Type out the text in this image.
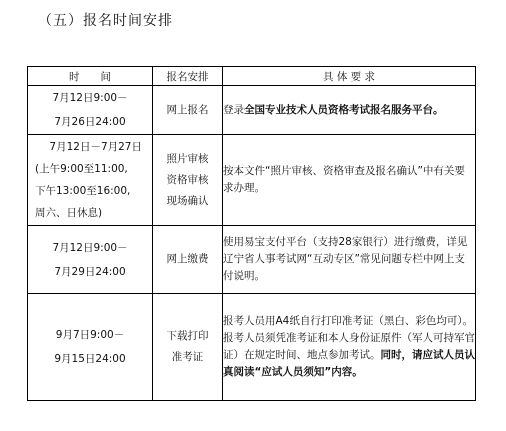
（五）报名时间安排
时　　间	报名安排	具 体 要 求

7月12日9:00－
7月26日24:00	网上报名	登录全国专业技术人员资格考试报名服务平台。

7月12日－7月27日
(上午9:00至11:00,
下午13:00至16:00,
周六、日休息)	照片审核
资格审核
现场确认	按本文件“照片审核、资格审查及报名确认”中有关要求办理。

7月12日9:00－
7月29日24:00	网上缴费	使用易宝支付平台（支持28家银行）进行缴费，详见辽宁省人事考试网“互动专区”常见问题专栏中网上支付说明。

9月7日9:00－
9月15日24:00	下载打印
准考证	报考人员用A4纸自行打印准考证（黑白、彩色均可）。报考人员须凭准考证和本人身份证原件（军人可持军官证）在规定时间、地点参加考试。同时，请应试人员认真阅读“应试人员须知”内容。
